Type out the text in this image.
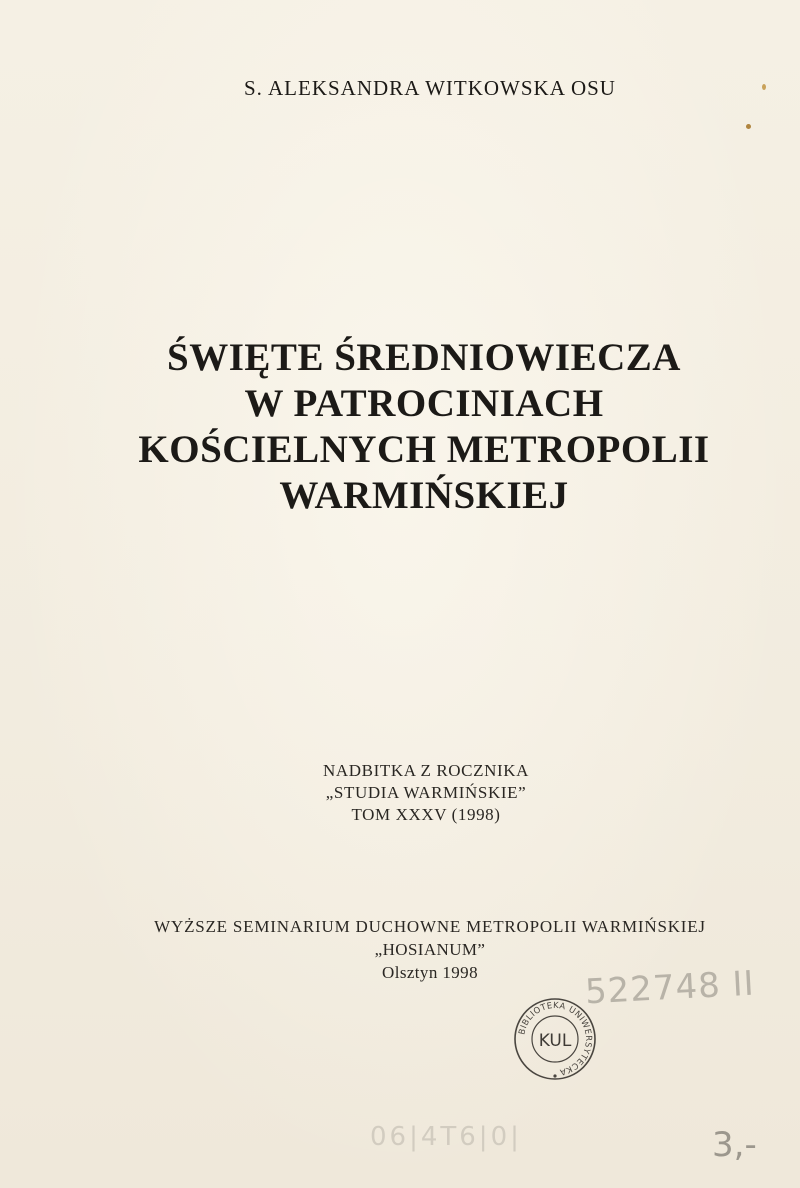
S. ALEKSANDRA WITKOWSKA OSU
ŚWIĘTE ŚREDNIOWIECZA
W PATROCINIACH
KOŚCIELNYCH METROPOLII
WARMIŃSKIEJ
NADBITKA Z ROCZNIKA
„STUDIA WARMIŃSKIE”
TOM XXXV (1998)
WYŻSZE SEMINARIUM DUCHOWNE METROPOLII WARMIŃSKIEJ
„HOSIANUM”
Olsztyn 1998	522748 II
BIBLIOTEKA UNIWERSYTECKA
KUL
06|4T6|0|	3,-
